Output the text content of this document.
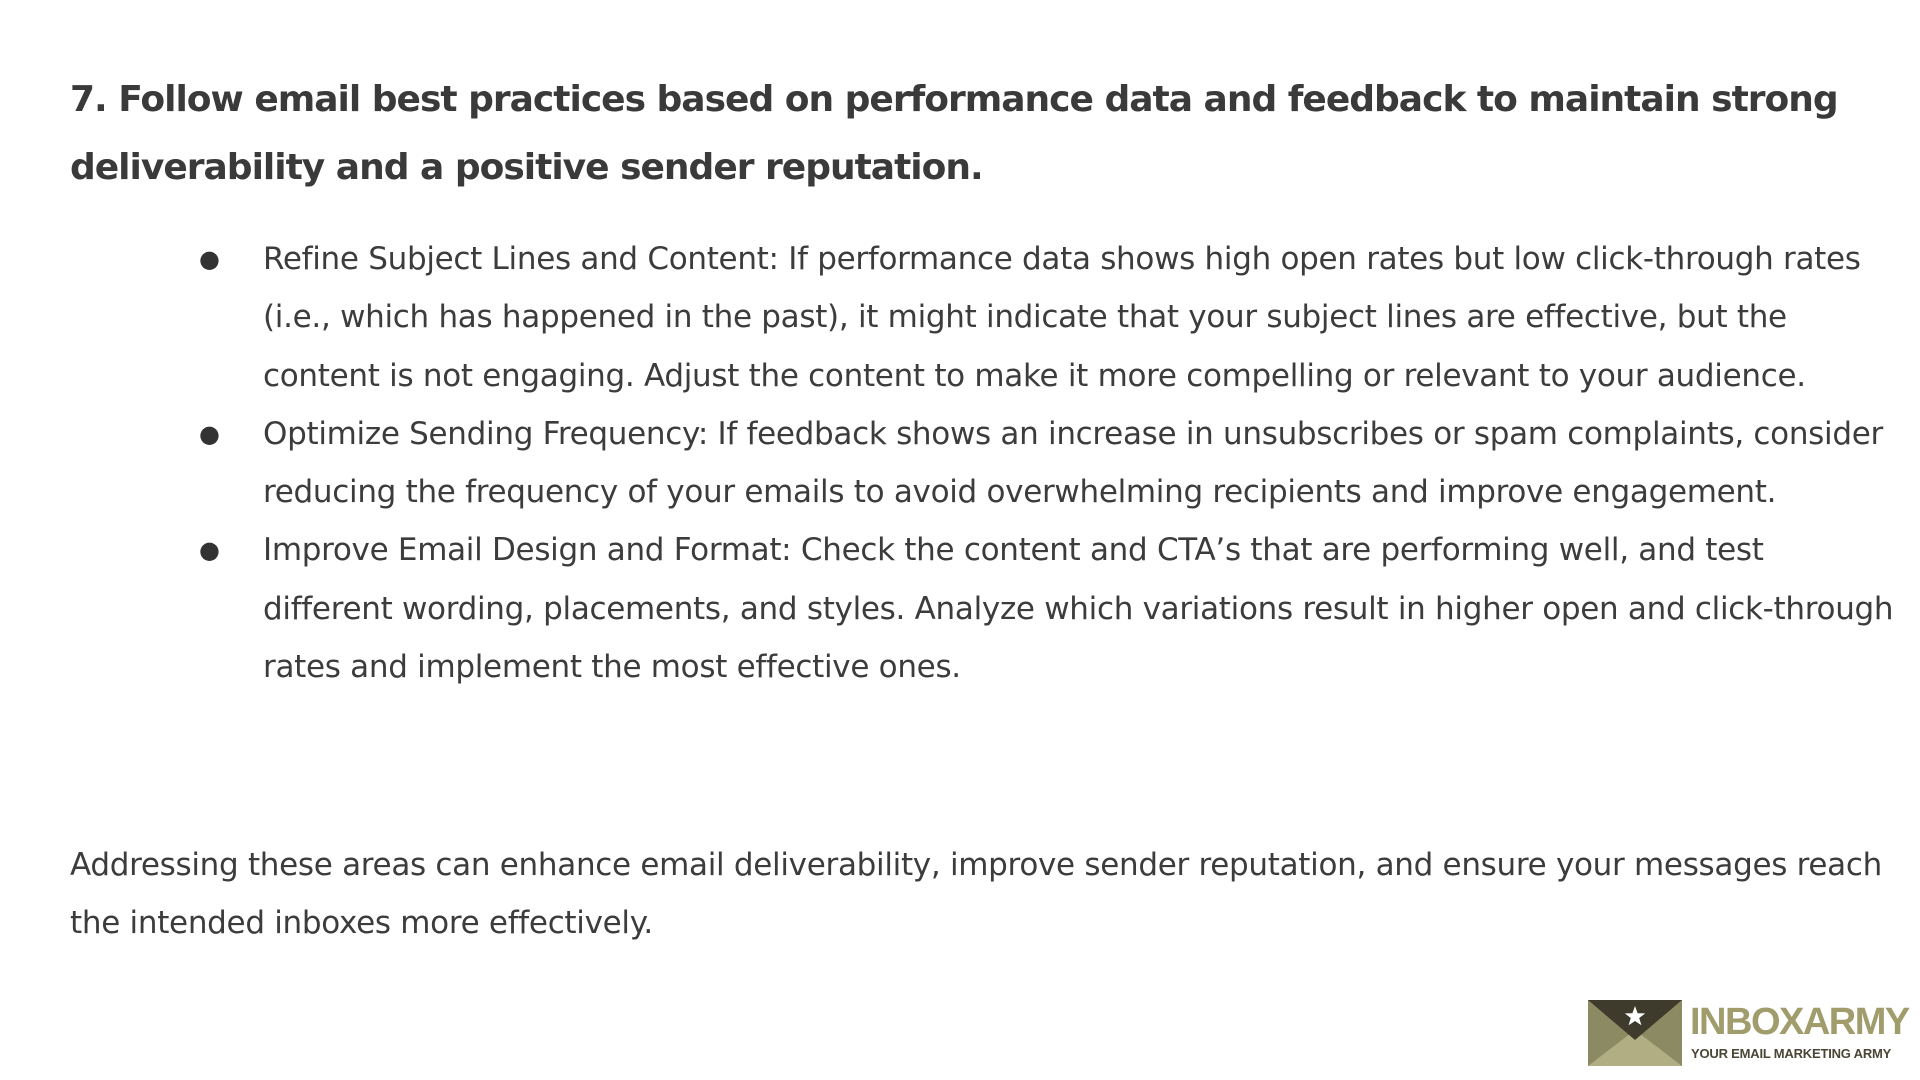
7. Follow email best practices based on performance data and feedback to maintain strong deliverability and a positive sender reputation.
● Refine Subject Lines and Content: If performance data shows high open rates but low click-through rates (i.e., which has happened in the past), it might indicate that your subject lines are effective, but the content is not engaging. Adjust the content to make it more compelling or relevant to your audience.
● Optimize Sending Frequency: If feedback shows an increase in unsubscribes or spam complaints, consider reducing the frequency of your emails to avoid overwhelming recipients and improve engagement.
● Improve Email Design and Format: Check the content and CTA’s that are performing well, and test different wording, placements, and styles. Analyze which variations result in higher open and click-through rates and implement the most effective ones.

Addressing these areas can enhance email deliverability, improve sender reputation, and ensure your messages reach the intended inboxes more effectively.

INBOXARMY
YOUR EMAIL MARKETING ARMY
